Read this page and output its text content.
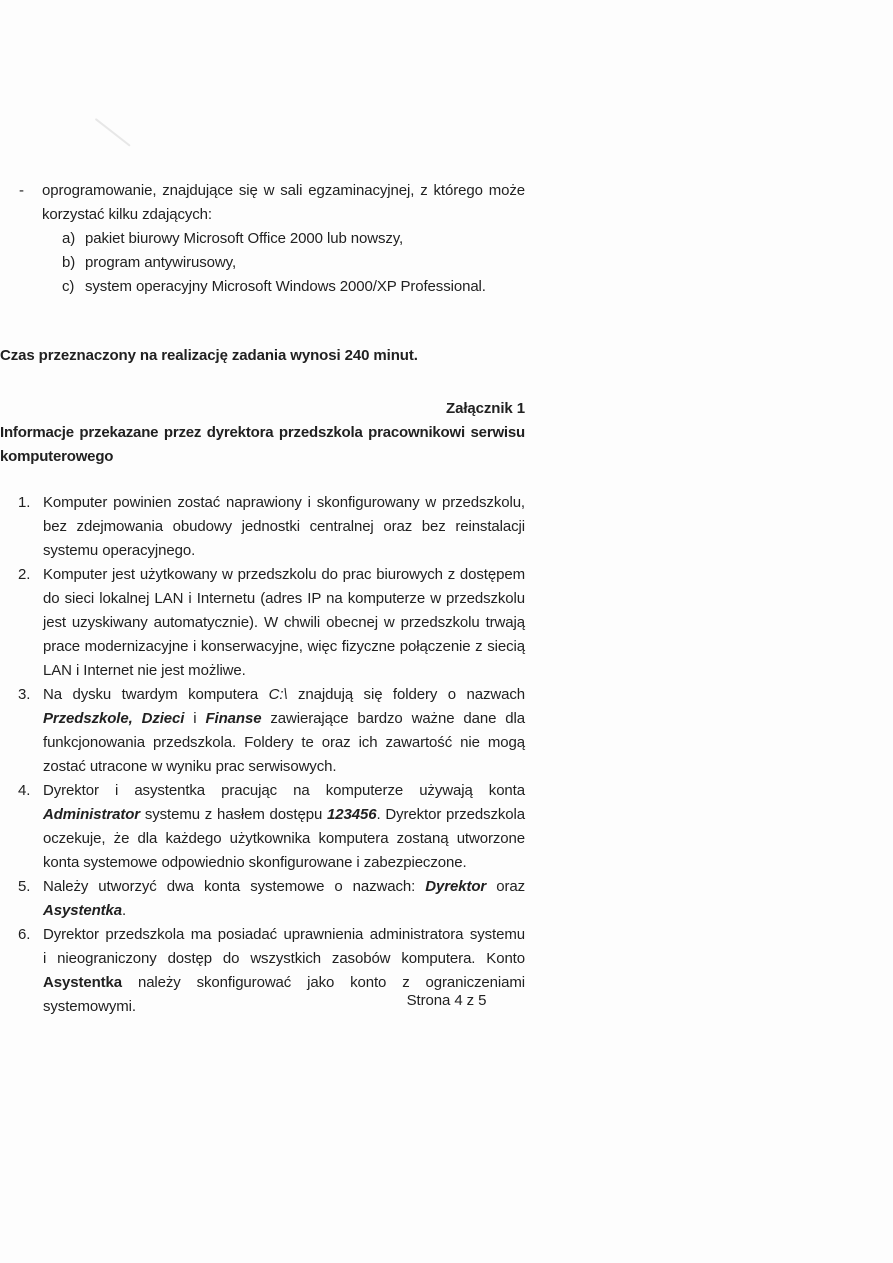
- oprogramowanie, znajdujące się w sali egzaminacyjnej, z którego może korzystać kilku zdających:
a) pakiet biurowy Microsoft Office 2000 lub nowszy,
b) program antywirusowy,
c) system operacyjny Microsoft Windows 2000/XP Professional.
Czas przeznaczony na realizację zadania wynosi 240 minut.
Załącznik 1
Informacje przekazane przez dyrektora przedszkola pracownikowi serwisu komputerowego
1. Komputer powinien zostać naprawiony i skonfigurowany w przedszkolu, bez zdejmowania obudowy jednostki centralnej oraz bez reinstalacji systemu operacyjnego.
2. Komputer jest użytkowany w przedszkolu do prac biurowych z dostępem do sieci lokalnej LAN i Internetu (adres IP na komputerze w przedszkolu jest uzyskiwany automatycznie). W chwili obecnej w przedszkolu trwają prace modernizacyjne i konserwacyjne, więc fizyczne połączenie z siecią LAN i Internet nie jest możliwe.
3. Na dysku twardym komputera C:\ znajdują się foldery o nazwach Przedszkole, Dzieci i Finanse zawierające bardzo ważne dane dla funkcjonowania przedszkola. Foldery te oraz ich zawartość nie mogą zostać utracone w wyniku prac serwisowych.
4. Dyrektor i asystentka pracując na komputerze używają konta Administrator systemu z hasłem dostępu 123456. Dyrektor przedszkola oczekuje, że dla każdego użytkownika komputera zostaną utworzone konta systemowe odpowiednio skonfigurowane i zabezpieczone.
5. Należy utworzyć dwa konta systemowe o nazwach: Dyrektor oraz Asystentka.
6. Dyrektor przedszkola ma posiadać uprawnienia administratora systemu i nieograniczony dostęp do wszystkich zasobów komputera. Konto Asystentka należy skonfigurować jako konto z ograniczeniami systemowymi.	Strona 4 z 5
